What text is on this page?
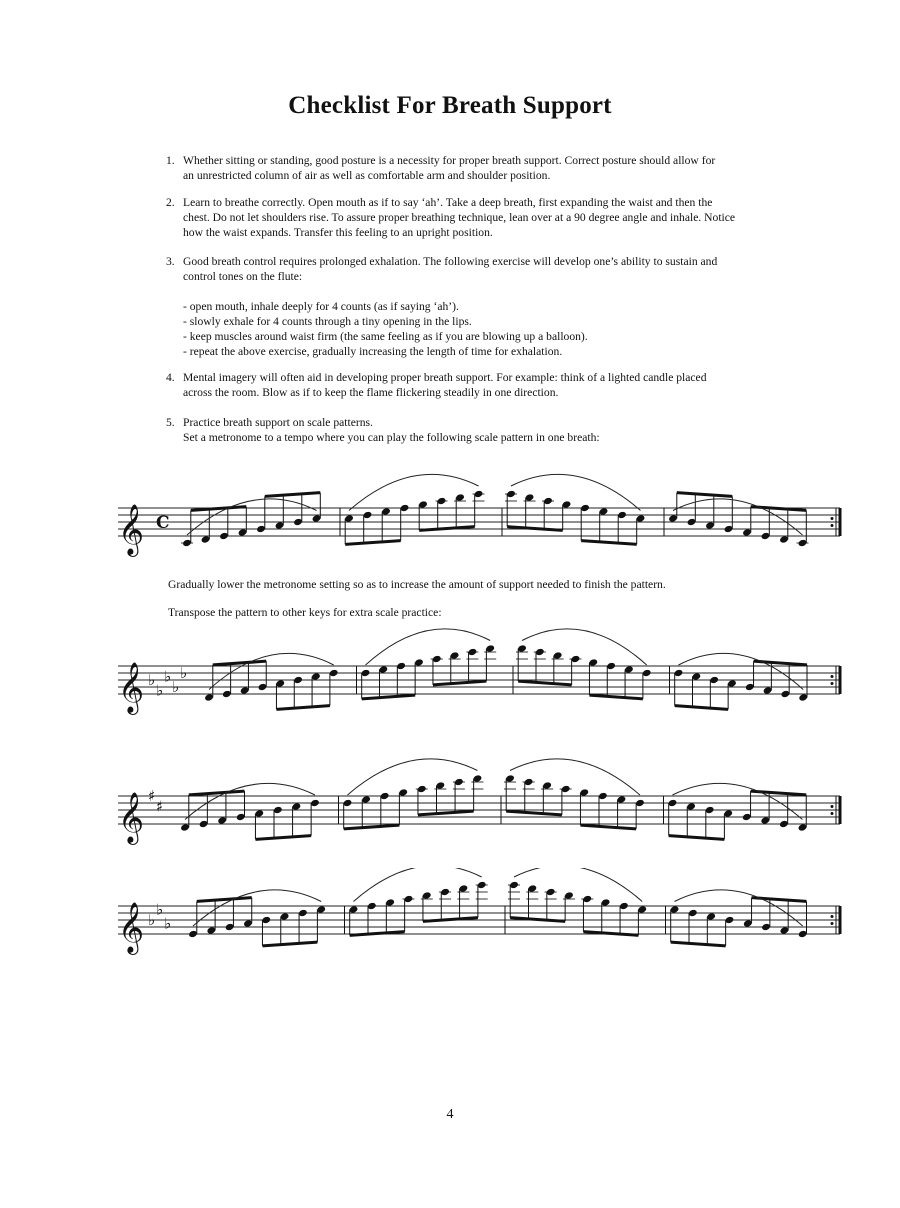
Checklist For Breath Support
1. Whether sitting or standing, good posture is a necessity for proper breath support. Correct posture should allow for
an unrestricted column of air as well as comfortable arm and shoulder position.
2. Learn to breathe correctly. Open mouth as if to say ‘ah’. Take a deep breath, first expanding the waist and then the
chest. Do not let shoulders rise. To assure proper breathing technique, lean over at a 90 degree angle and inhale. Notice
how the waist expands. Transfer this feeling to an upright position.
3. Good breath control requires prolonged exhalation. The following exercise will develop one’s ability to sustain and
control tones on the flute:
- open mouth, inhale deeply for 4 counts (as if saying ‘ah’).
- slowly exhale for 4 counts through a tiny opening in the lips.
- keep muscles around waist firm (the same feeling as if you are blowing up a balloon).
- repeat the above exercise, gradually increasing the length of time for exhalation.
4. Mental imagery will often aid in developing proper breath support. For example: think of a lighted candle placed
across the room. Blow as if to keep the flame flickering steadily in one direction.
5. Practice breath support on scale patterns.
Set a metronome to a tempo where you can play the following scale pattern in one breath:
𝄞 C
Gradually lower the metronome setting so as to increase the amount of support needed to finish the pattern.
Transpose the pattern to other keys for extra scale practice:
𝄞 ♭
♭
♭
♭
♭
𝄞 ♯
♯
𝄞 ♭
♭
♭
4
